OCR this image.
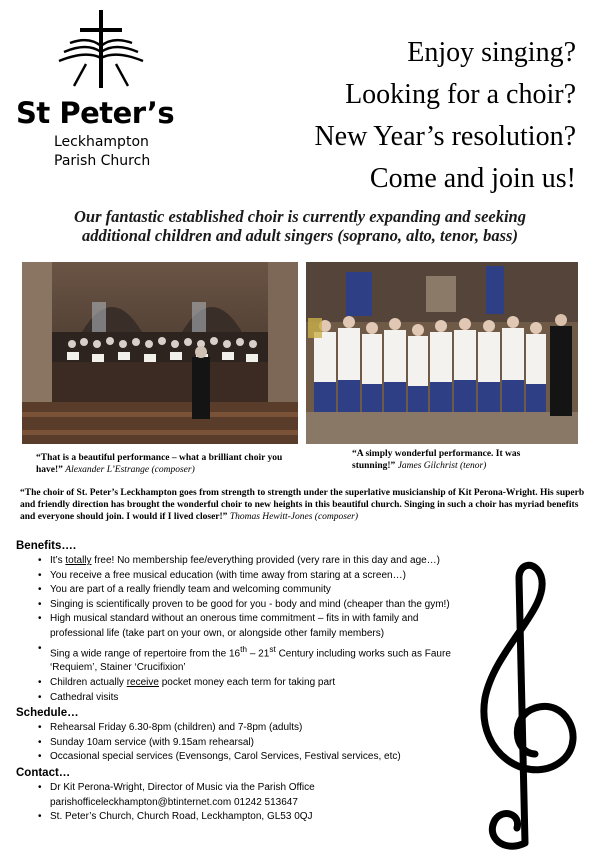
St Peter’s
Leckhampton
Parish Church
Enjoy singing?
Looking for a choir?
New Year’s resolution?
Come and join us!
Our fantastic established choir is currently expanding and seeking
additional children and adult singers (soprano, alto, tenor, bass)
“That is a beautiful performance – what a brilliant choir you have!” Alexander L’Estrange (composer)
“A simply wonderful performance. It was stunning!” James Gilchrist (tenor)
“The choir of St. Peter’s Leckhampton goes from strength to strength under the superlative musicianship of Kit Perona-Wright. His superb and friendly direction has brought the wonderful choir to new heights in this beautiful church. Singing in such a choir has myriad benefits and everyone should join. I would if I lived closer!” Thomas Hewitt-Jones (composer)
Benefits….
• It’s totally free! No membership fee/everything provided (very rare in this day and age…)
• You receive a free musical education (with time away from staring at a screen…)
• You are part of a really friendly team and welcoming community
• Singing is scientifically proven to be good for you - body and mind (cheaper than the gym!)
• High musical standard without an onerous time commitment – fits in with family and
professional life (take part on your own, or alongside other family members)
• Sing a wide range of repertoire from the 16th – 21st Century including works such as Faure
‘Requiem’, Stainer ‘Crucifixion’
• Children actually receive pocket money each term for taking part
• Cathedral visits
Schedule…
• Rehearsal Friday 6.30-8pm (children) and 7-8pm (adults)
• Sunday 10am service (with 9.15am rehearsal)
• Occasional special services (Evensongs, Carol Services, Festival services, etc)
Contact…
• Dr Kit Perona-Wright, Director of Music via the Parish Office
parishofficeleckhampton@btinternet.com 01242 513647
• St. Peter’s Church, Church Road, Leckhampton, GL53 0QJ
